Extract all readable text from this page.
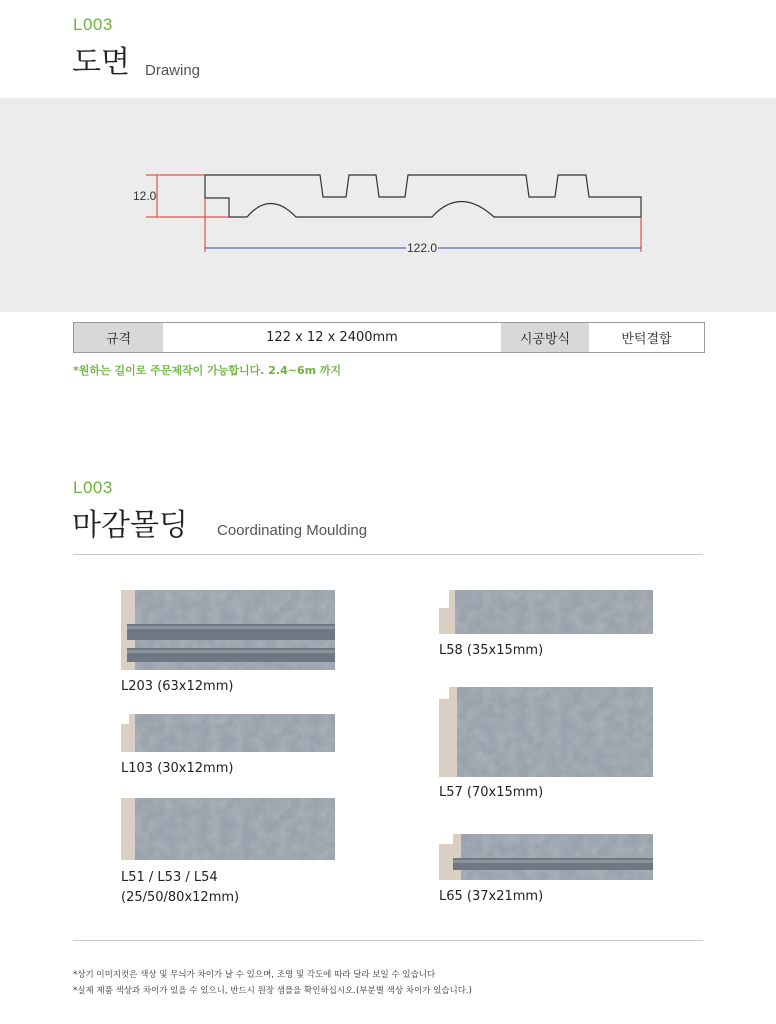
L003
도면 Drawing
12.0
122.0
규격	122 x 12 x 2400mm	시공방식	반턱결합
*원하는 길이로 주문제작이 가능합니다. 2.4~6m 까지
L003
마감몰딩 Coordinating Moulding
L203 (63x12mm)
L103 (30x12mm)
L51 / L53 / L54
(25/50/80x12mm)
L58 (35x15mm)
L57 (70x15mm)
L65 (37x21mm)
*상기 이미지컷은 색상 및 무늬가 차이가 날 수 있으며, 조명 및 각도에 따라 달라 보일 수 있습니다
*실제 제품 색상과 차이가 있을 수 있으니, 반드시 원장 샘플을 확인하십시오.(부분별 색상 차이가 있습니다.)
